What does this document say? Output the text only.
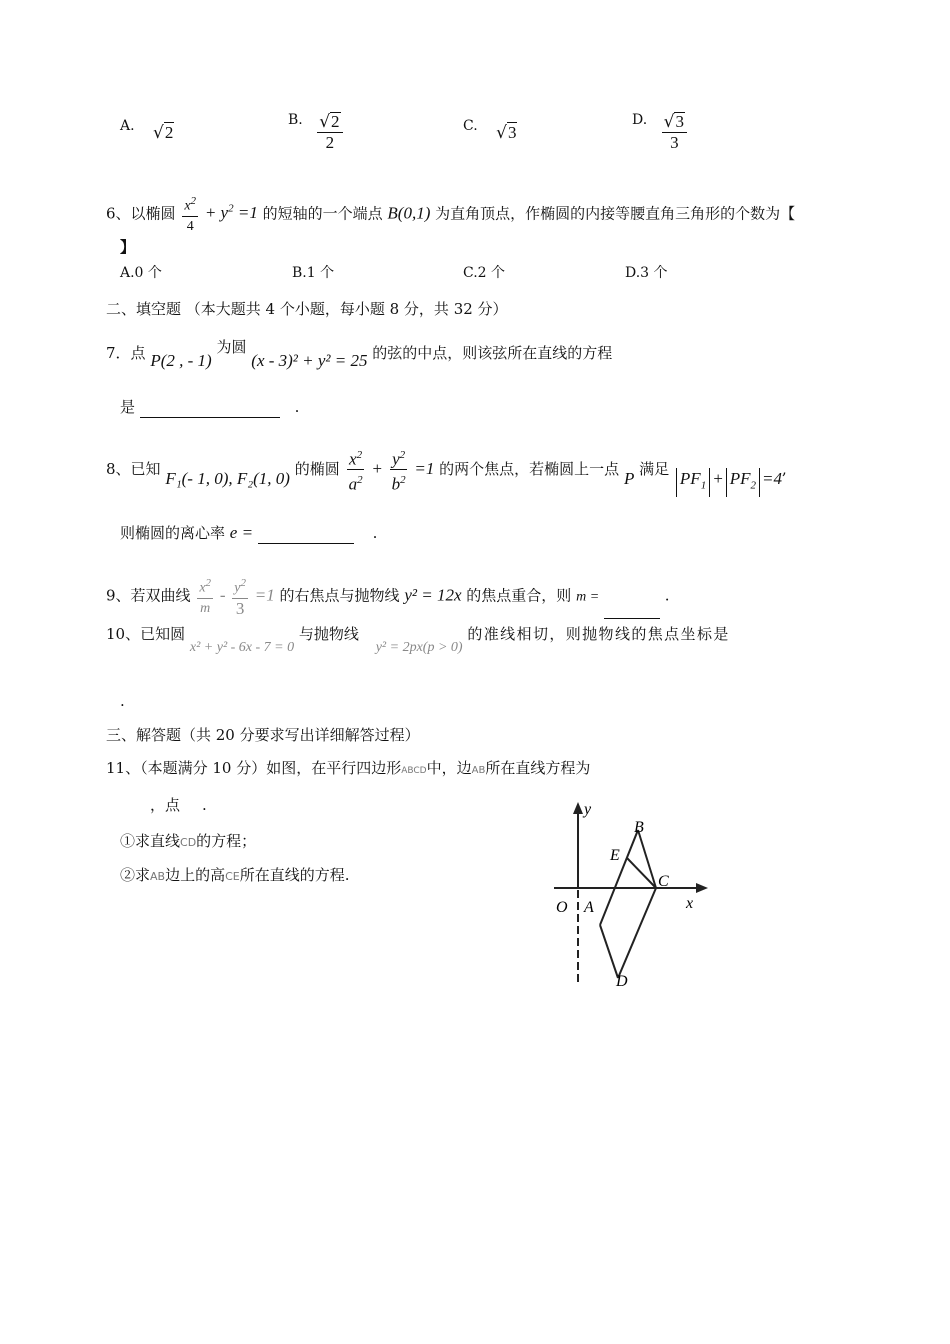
A. √ 2
B. √ 2
2
C. √ 3
D. √ 3
3
6、以椭圆 $\frac{x^2}{4} + y^2 =1$ 的短轴的一个端点 B(0,1) 为直角顶点，作椭圆的内接等腰直角三角形的个数为【
】
A.0 个	B.1 个	C.2 个	D.3 个
二、填空题 （本大题共 4 个小题，每小题 8 分，共 32 分）
7．点 P(2 , - 1) 为圆 (x - 3)² + y² = 25 的弦的中点，则该弦所在直线的方程
是	.
8、已知 F₁(- 1, 0), F₂(1, 0) 的椭圆 $\frac{x^2}{a^2} + \frac{y^2}{b^2} =1$ 的两个焦点，若椭圆上一点 P 满足 $PF_1 + PF_2 =4$,
则椭圆的离心率 e =	.
9、若双曲线 $\frac{x^2}{m} - y^2$
3
=1 的右焦点与抛物线 y² = 12x 的焦点重合，则 m =	.
10、已知圆 x² + y² - 6x - 7 = 0 与抛物线 y² = 2px(p > 0) 的准线相切，则抛物线的焦点坐标是
.
三、解答题（共 20 分要求写出详细解答过程）
11、（本题满分 10 分）如图，在平行四边形ABCD中，边AB所在直线方程为
，点 .
①求直线CD的方程；
②求AB边上的高CE所在直线的方程.
y
x
O A
B
C
D
E
